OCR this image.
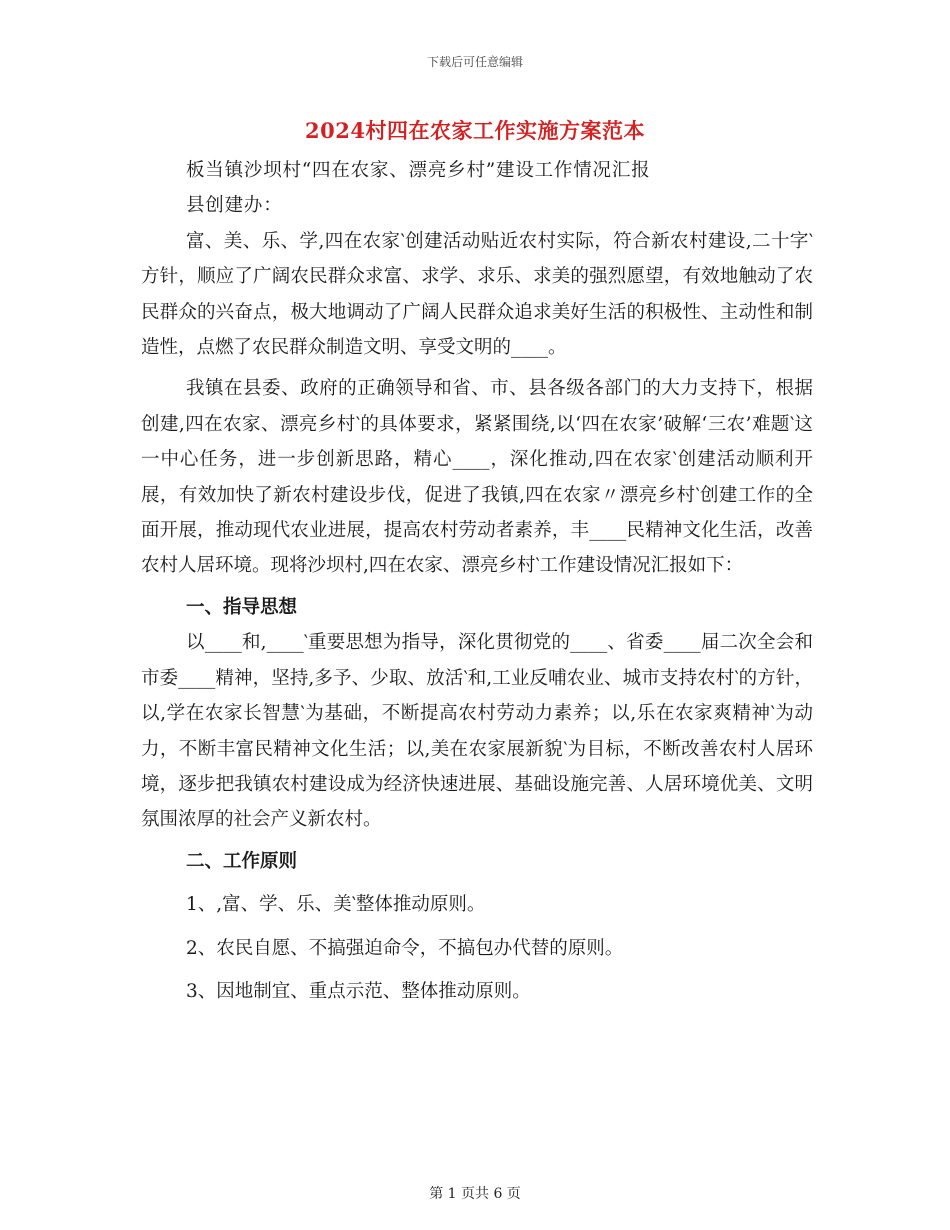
下载后可任意编辑
2024村四在农家工作实施方案范本

板当镇沙坝村“四在农家、漂亮乡村”建设工作情况汇报

县创建办：

富、美、乐、学,四在农家‵创建活动贴近农村实际，符合新农村建设,二十字‵方针，顺应了广阔农民群众求富、求学、求乐、求美的强烈愿望，有效地触动了农民群众的兴奋点，极大地调动了广阔人民群众追求美好生活的积极性、主动性和制造性，点燃了农民群众制造文明、享受文明的____。

我镇在县委、政府的正确领导和省、市、县各级各部门的大力支持下，根据创建,四在农家、漂亮乡村‵的具体要求，紧紧围绕,以‘四在农家’破解‘三农’难题‵这一中心任务，进一步创新思路，精心____，深化推动,四在农家‵创建活动顺利开展，有效加快了新农村建设步伐，促进了我镇,四在农家〃漂亮乡村‵创建工作的全面开展，推动现代农业进展，提高农村劳动者素养，丰____民精神文化生活，改善农村人居环境。现将沙坝村,四在农家、漂亮乡村‵工作建设情况汇报如下：

一、指导思想

以____和,____‵重要思想为指导，深化贯彻党的____、省委____届二次全会和市委____精神，坚持,多予、少取、放活‵和,工业反哺农业、城市支持农村‵的方针，以,学在农家长智慧‵为基础，不断提高农村劳动力素养；以,乐在农家爽精神‵为动力，不断丰富民精神文化生活；以,美在农家展新貌‵为目标，不断改善农村人居环境，逐步把我镇农村建设成为经济快速进展、基础设施完善、人居环境优美、文明氛围浓厚的社会产义新农村。

二、工作原则

1、,富、学、乐、美‵整体推动原则。

2、农民自愿、不搞强迫命令，不搞包办代替的原则。

3、因地制宜、重点示范、整体推动原则。

第 1 页共 6 页
